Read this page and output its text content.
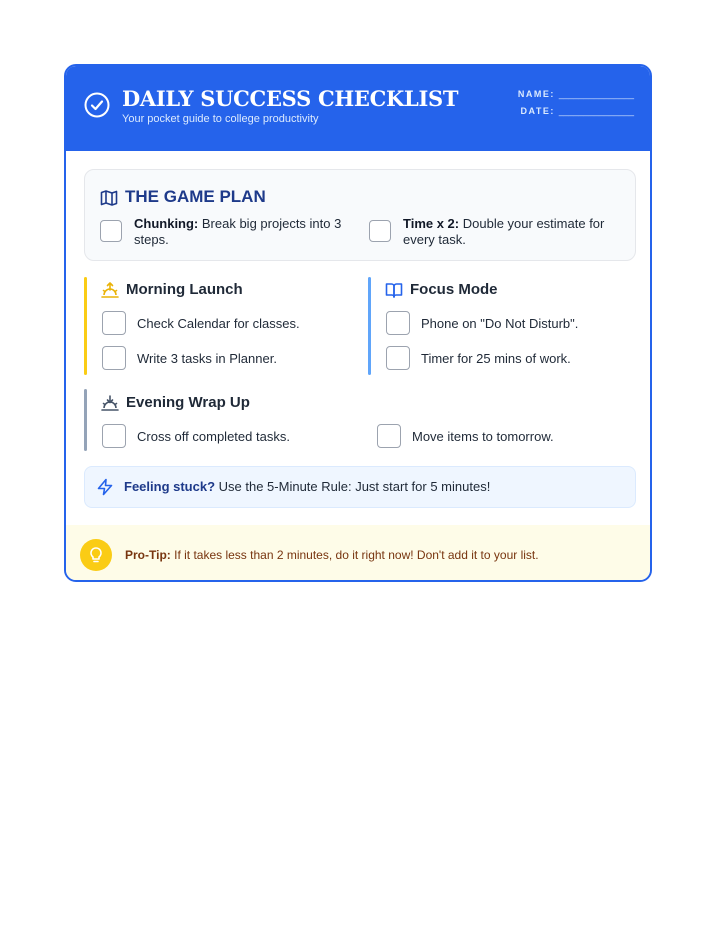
DAILY SUCCESS CHECKLIST
Your pocket guide to college productivity
NAME: _______________
DATE: _______________
THE GAME PLAN
Chunking: Break big projects into 3 steps.
Time x 2: Double your estimate for every task.
Morning Launch
Check Calendar for classes.
Write 3 tasks in Planner.
Focus Mode
Phone on "Do Not Disturb".
Timer for 25 mins of work.
Evening Wrap Up
Cross off completed tasks.	Move items to tomorrow.
Feeling stuck? Use the 5-Minute Rule: Just start for 5 minutes!
Pro-Tip: If it takes less than 2 minutes, do it right now! Don't add it to your list.
